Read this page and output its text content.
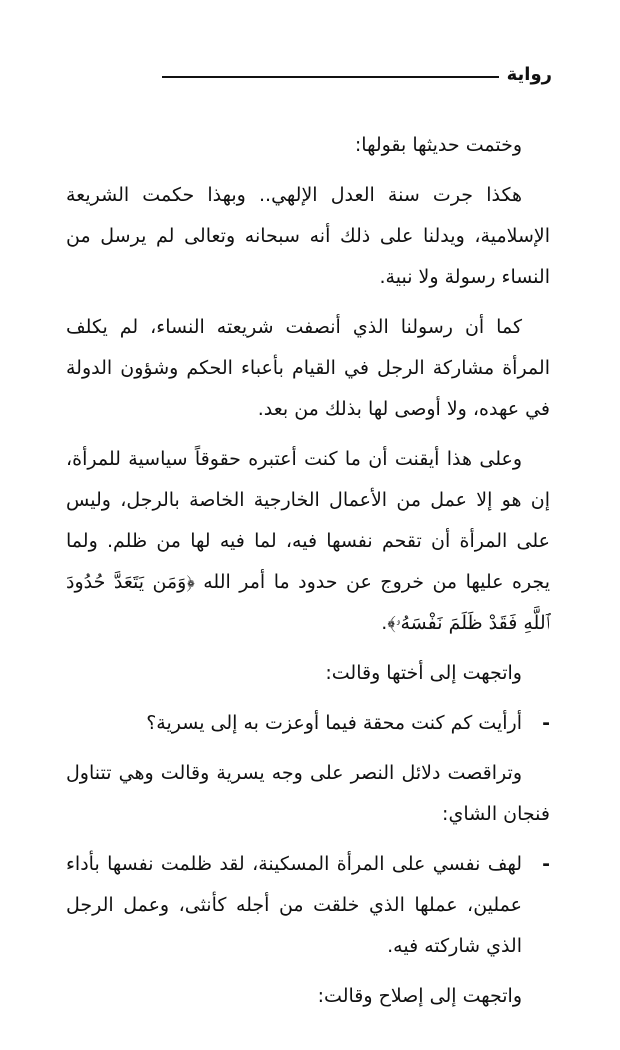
رواية

وختمت حديثها بقولها:

هكذا جرت سنة العدل الإلهي.. وبهذا حكمت الشريعة الإسلامية، ويدلنا على ذلك أنه سبحانه وتعالى لم يرسل من النساء رسولة ولا نبية.

كما أن رسولنا الذي أنصفت شريعته النساء، لم يكلف المرأة مشاركة الرجل في القيام بأعباء الحكم وشؤون الدولة في عهده، ولا أوصى لها بذلك من بعد.

وعلى هذا أيقنت أن ما كنت أعتبره حقوقاً سياسية للمرأة، إن هو إلا عمل من الأعمال الخارجية الخاصة بالرجل، وليس على المرأة أن تقحم نفسها فيه، لما فيه لها من ظلم. ولما يجره عليها من خروج عن حدود ما أمر الله ﴿وَمَن يَتَعَدَّ حُدُودَ ٱللَّهِ فَقَدْ ظَلَمَ نَفْسَهُۥ﴾.

واتجهت إلى أختها وقالت:

-
أرأيت كم كنت محقة فيما أوعزت به إلى يسرية؟

وتراقصت دلائل النصر على وجه يسرية وقالت وهي تتناول فنجان الشاي:

-
لهف نفسي على المرأة المسكينة، لقد ظلمت نفسها بأداء عملين، عملها الذي خلقت من أجله كأنثى، وعمل الرجل الذي شاركته فيه.

واتجهت إلى إصلاح وقالت:
